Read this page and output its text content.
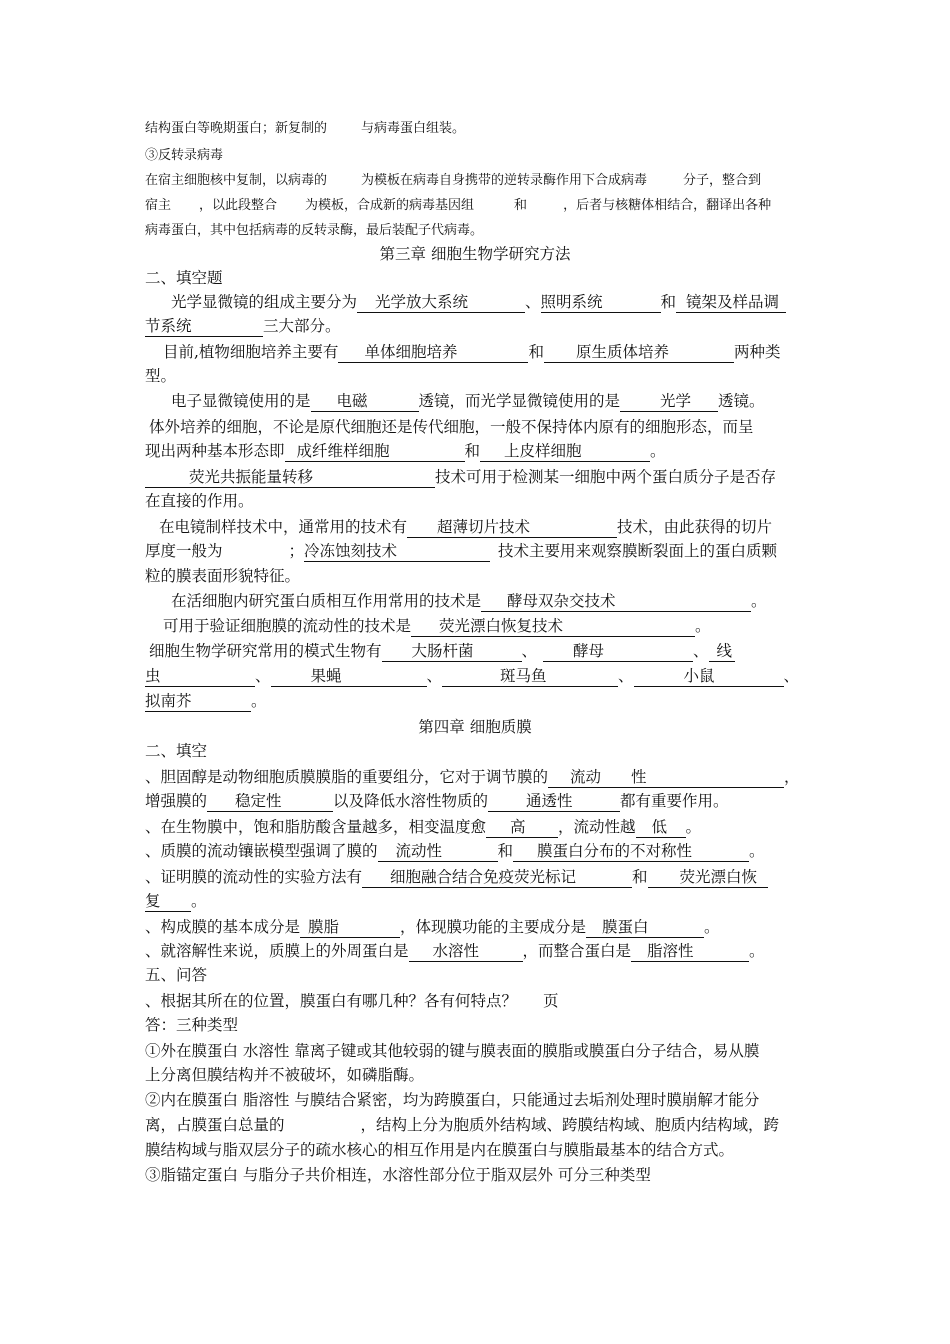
结构蛋白等晚期蛋白；新复制的	与病毒蛋白组装。
③反转录病毒
在宿主细胞核中复制，以病毒的	为模板在病毒自身携带的逆转录酶作用下合成病毒	分子，整合到
宿主 ，以此段整合 为模板，合成新的病毒基因组	和	，后者与核糖体相结合，翻译出各种
病毒蛋白，其中包括病毒的反转录酶，最后装配子代病毒。
第三章 细胞生物学研究方法
二、填空题
光学显微镜的组成主要分为 光学放大系统	、照明系统	和 镜架及样品调
节系统	三大部分。
目前,植物细胞培养主要有 单体细胞培养	和 原生质体培养	两种类
型。
电子显微镜使用的是 电磁	透镜，而光学显微镜使用的是	光学 透镜。
体外培养的细胞，不论是原代细胞还是传代细胞，一般不保持体内原有的细胞形态，而呈
现出两种基本形态即 成纤维样细胞	和 上皮样细胞	。
荧光共振能量转移	技术可用于检测某一细胞中两个蛋白质分子是否存
在直接的作用。
在电镜制样技术中，通常用的技术有 超薄切片技术	技术，由此获得的切片
厚度一般为	；冷冻蚀刻技术	技术主要用来观察膜断裂面上的蛋白质颗
粒的膜表面形貌特征。
在活细胞内研究蛋白质相互作用常用的技术是 酵母双杂交技术	。
可用于验证细胞膜的流动性的技术是 荧光漂白恢复技术	。
细胞生物学研究常用的模式生物有 大肠杆菌	、 酵母	、 线
虫	、	果蝇	、	斑马鱼	、	小鼠	、
拟南芥	。
第四章 细胞质膜
二、填空
、胆固醇是动物细胞质膜膜脂的重要组分，它对于调节膜的 流动 性	，
增强膜的 稳定性	以及降低水溶性物质的 通透性	都有重要作用。
、在生物膜中，饱和脂肪酸含量越多，相变温度愈 高 ，流动性越 低 。
、质膜的流动镶嵌模型强调了膜的 流动性	和 膜蛋白分布的不对称性	。
、证明膜的流动性的实验方法有 细胞融合结合免疫荧光标记	和 荧光漂白恢
复 。
、构成膜的基本成分是 膜脂	，体现膜功能的主要成分是 膜蛋白	。
、就溶解性来说，质膜上的外周蛋白是 水溶性	，而整合蛋白是 脂溶性	。
五、问答
、根据其所在的位置，膜蛋白有哪几种？各有何特点？ 页
答：三种类型
①外在膜蛋白 水溶性 靠离子键或其他较弱的键与膜表面的膜脂或膜蛋白分子结合，易从膜
上分离但膜结构并不被破坏，如磷脂酶。
②内在膜蛋白 脂溶性 与膜结合紧密，均为跨膜蛋白，只能通过去垢剂处理时膜崩解才能分
离，占膜蛋白总量的	，结构上分为胞质外结构域、跨膜结构域、胞质内结构域，跨
膜结构域与脂双层分子的疏水核心的相互作用是内在膜蛋白与膜脂最基本的结合方式。
③脂锚定蛋白 与脂分子共价相连，水溶性部分位于脂双层外 可分三种类型
